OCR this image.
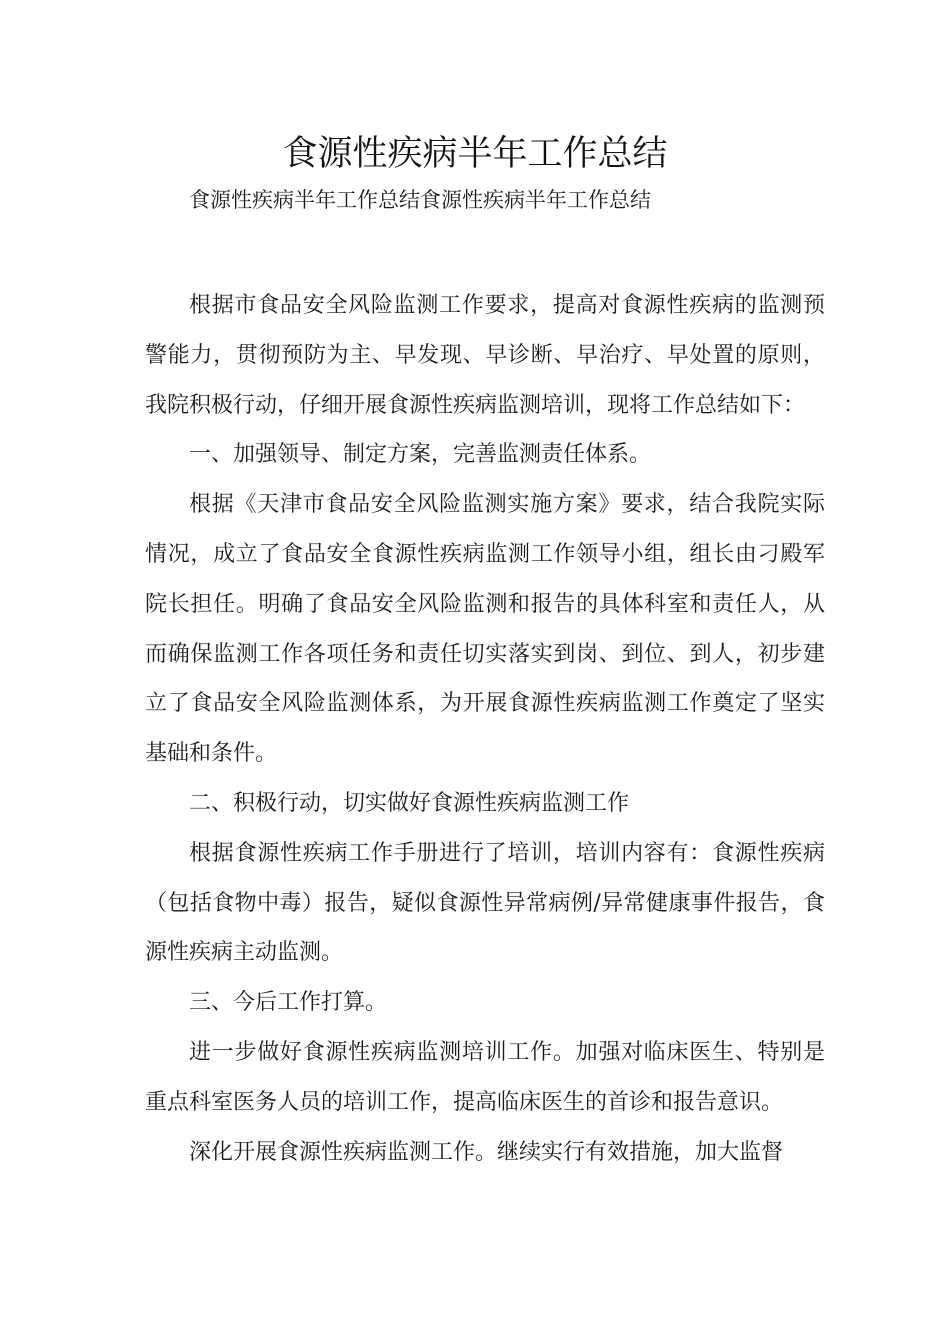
食源性疾病半年工作总结
食源性疾病半年工作总结食源性疾病半年工作总结

根据市食品安全风险监测工作要求，提高对食源性疾病的监测预警能力，贯彻预防为主、早发现、早诊断、早治疗、早处置的原则，我院积极行动，仔细开展食源性疾病监测培训，现将工作总结如下：

一、加强领导、制定方案，完善监测责任体系。

根据《天津市食品安全风险监测实施方案》要求，结合我院实际情况，成立了食品安全食源性疾病监测工作领导小组，组长由刁殿军院长担任。明确了食品安全风险监测和报告的具体科室和责任人，从而确保监测工作各项任务和责任切实落实到岗、到位、到人，初步建立了食品安全风险监测体系，为开展食源性疾病监测工作奠定了坚实基础和条件。

二、积极行动，切实做好食源性疾病监测工作

根据食源性疾病工作手册进行了培训，培训内容有：食源性疾病（包括食物中毒）报告，疑似食源性异常病例/异常健康事件报告，食源性疾病主动监测。

三、今后工作打算。

进一步做好食源性疾病监测培训工作。加强对临床医生、特别是重点科室医务人员的培训工作，提高临床医生的首诊和报告意识。

深化开展食源性疾病监测工作。继续实行有效措施，加大监督
